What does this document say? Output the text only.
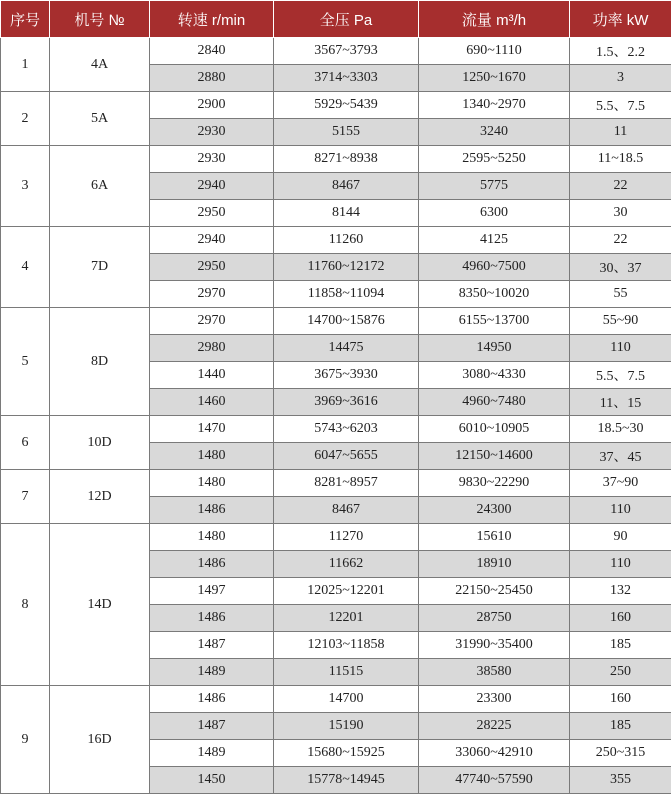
序号	机号 №	转速 r/min	全压 Pa	流量 m³/h	功率 kW
1	4A	2840	3567~3793	690~1110	1.5、2.2
		2880	3714~3303	1250~1670	3
2	5A	2900	5929~5439	1340~2970	5.5、7.5
		2930	5155	3240	11
3	6A	2930	8271~8938	2595~5250	11~18.5
		2940	8467	5775	22
		2950	8144	6300	30
4	7D	2940	11260	4125	22
		2950	11760~12172	4960~7500	30、37
		2970	11858~11094	8350~10020	55
5	8D	2970	14700~15876	6155~13700	55~90
		2980	14475	14950	110
		1440	3675~3930	3080~4330	5.5、7.5
		1460	3969~3616	4960~7480	11、15
6	10D	1470	5743~6203	6010~10905	18.5~30
		1480	6047~5655	12150~14600	37、45
7	12D	1480	8281~8957	9830~22290	37~90
		1486	8467	24300	110
8	14D	1480	11270	15610	90
		1486	11662	18910	110
		1497	12025~12201	22150~25450	132
		1486	12201	28750	160
		1487	12103~11858	31990~35400	185
		1489	11515	38580	250
9	16D	1486	14700	23300	160
		1487	15190	28225	185
		1489	15680~15925	33060~42910	250~315
		1450	15778~14945	47740~57590	355
